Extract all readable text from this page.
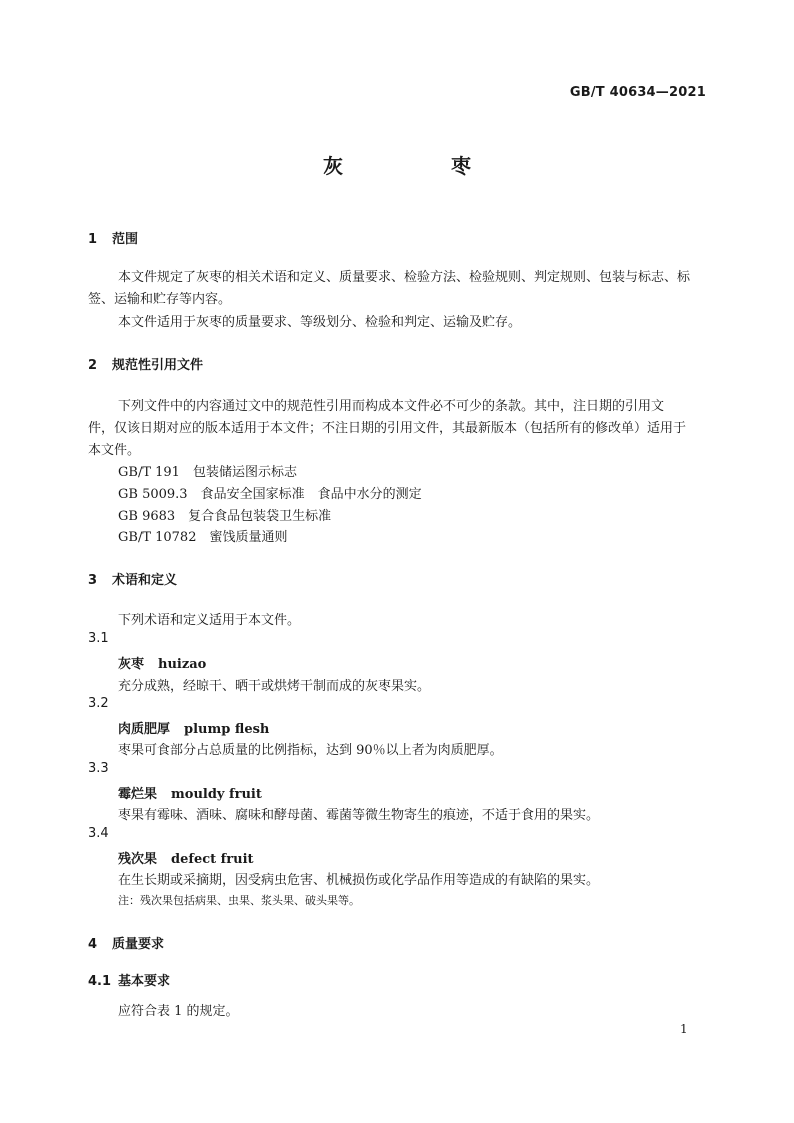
GB/T 40634—2021
灰　枣
1 范围
本文件规定了灰枣的相关术语和定义、质量要求、检验方法、检验规则、判定规则、包装与标志、标
签、运输和贮存等内容。
本文件适用于灰枣的质量要求、等级划分、检验和判定、运输及贮存。
2 规范性引用文件
下列文件中的内容通过文中的规范性引用而构成本文件必不可少的条款。其中，注日期的引用文
件，仅该日期对应的版本适用于本文件；不注日期的引用文件，其最新版本（包括所有的修改单）适用于
本文件。
GB/T 191　 包装储运图示标志
GB 5009.3　 食品安全国家标准　食品中水分的测定
GB 9683　 复合食品包装袋卫生标准
GB/T 10782　 蜜饯质量通则
3 术语和定义
下列术语和定义适用于本文件。
3.1
灰枣 huizao
充分成熟，经晾干、晒干或烘烤干制而成的灰枣果实。
3.2
肉质肥厚 plump flesh
枣果可食部分占总质量的比例指标，达到 90％以上者为肉质肥厚。
3.3
霉烂果 mouldy fruit
枣果有霉味、酒味、腐味和酵母菌、霉菌等微生物寄生的痕迹，不适于食用的果实。
3.4
残次果 defect fruit
在生长期或采摘期，因受病虫危害、机械损伤或化学品作用等造成的有缺陷的果实。
注：残次果包括病果、虫果、浆头果、破头果等。
4 质量要求
4.1 基本要求
应符合表 1 的规定。
1
